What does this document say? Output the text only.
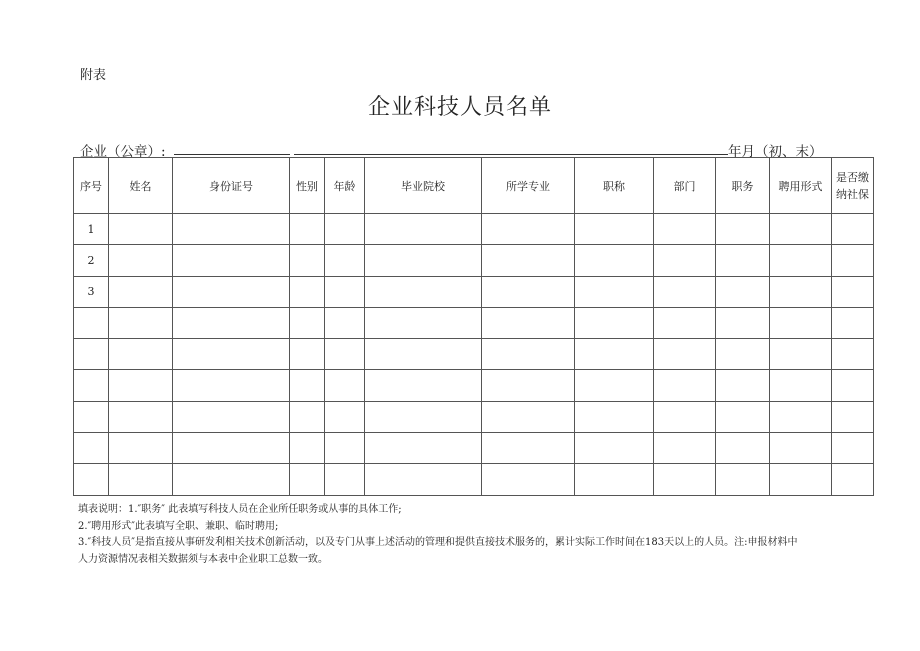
附表
企业科技人员名单
企业（公章）:	年月（初、末）
序号	姓名	身份证号	性别	年龄	毕业院校	所学专业	职称	部门	职务	聘用形式	是否缴纳社保
1											
2											
3											

填表说明：1.″职务″ 此表填写科技人员在企业所任职务或从事的具体工作;
2.″聘用形式″此表填写全职、兼职、临时聘用;
3.″科技人员″是指直接从事研发利相关技术创新活动，以及专门从事上述活动的管理和提供直接技术服务的，累计实际工作时间在183天以上的人员。注:申报材料中
人力资源情况表相关数据须与本表中企业职工总数一致。
